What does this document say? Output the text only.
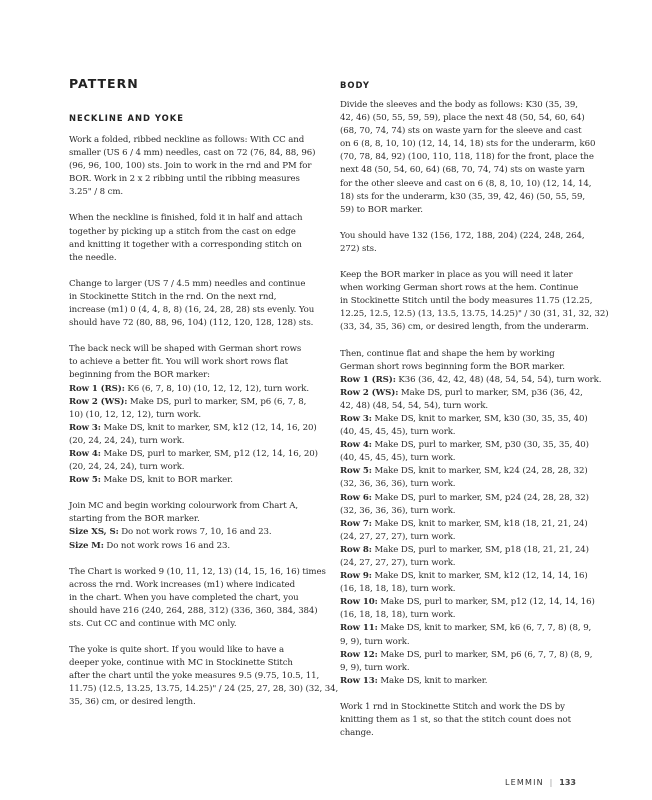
PATTERN
NECKLINE AND YOKE
Work a folded, ribbed neckline as follows: With CC and
smaller (US 6 / 4 mm) needles, cast on 72 (76, 84, 88, 96)
(96, 96, 100, 100) sts. Join to work in the rnd and PM for
BOR. Work in 2 x 2 ribbing until the ribbing measures
3.25" / 8 cm.
When the neckline is finished, fold it in half and attach
together by picking up a stitch from the cast on edge
and knitting it together with a corresponding stitch on
the needle.
Change to larger (US 7 / 4.5 mm) needles and continue
in Stockinette Stitch in the rnd. On the next rnd,
increase (m1) 0 (4, 4, 8, 8) (16, 24, 28, 28) sts evenly. You
should have 72 (80, 88, 96, 104) (112, 120, 128, 128) sts.
The back neck will be shaped with German short rows
to achieve a better fit. You will work short rows flat
beginning from the BOR marker:
Row 1 (RS): K6 (6, 7, 8, 10) (10, 12, 12, 12), turn work.
Row 2 (WS): Make DS, purl to marker, SM, p6 (6, 7, 8,
10) (10, 12, 12, 12), turn work.
Row 3: Make DS, knit to marker, SM, k12 (12, 14, 16, 20)
(20, 24, 24, 24), turn work.
Row 4: Make DS, purl to marker, SM, p12 (12, 14, 16, 20)
(20, 24, 24, 24), turn work.
Row 5: Make DS, knit to BOR marker.
Join MC and begin working colourwork from Chart A,
starting from the BOR marker.
Size XS, S: Do not work rows 7, 10, 16 and 23.
Size M: Do not work rows 16 and 23.
The Chart is worked 9 (10, 11, 12, 13) (14, 15, 16, 16) times
across the rnd. Work increases (m1) where indicated
in the chart. When you have completed the chart, you
should have 216 (240, 264, 288, 312) (336, 360, 384, 384)
sts. Cut CC and continue with MC only.
The yoke is quite short. If you would like to have a
deeper yoke, continue with MC in Stockinette Stitch
after the chart until the yoke measures 9.5 (9.75, 10.5, 11,
11.75) (12.5, 13.25, 13.75, 14.25)" / 24 (25, 27, 28, 30) (32, 34,
35, 36) cm, or desired length.
BODY
Divide the sleeves and the body as follows: K30 (35, 39,
42, 46) (50, 55, 59, 59), place the next 48 (50, 54, 60, 64)
(68, 70, 74, 74) sts on waste yarn for the sleeve and cast
on 6 (8, 8, 10, 10) (12, 14, 14, 18) sts for the underarm, k60
(70, 78, 84, 92) (100, 110, 118, 118) for the front, place the
next 48 (50, 54, 60, 64) (68, 70, 74, 74) sts on waste yarn
for the other sleeve and cast on 6 (8, 8, 10, 10) (12, 14, 14,
18) sts for the underarm, k30 (35, 39, 42, 46) (50, 55, 59,
59) to BOR marker.
You should have 132 (156, 172, 188, 204) (224, 248, 264,
272) sts.
Keep the BOR marker in place as you will need it later
when working German short rows at the hem. Continue
in Stockinette Stitch until the body measures 11.75 (12.25,
12.25, 12.5, 12.5) (13, 13.5, 13.75, 14.25)" / 30 (31, 31, 32, 32)
(33, 34, 35, 36) cm, or desired length, from the underarm.
Then, continue flat and shape the hem by working
German short rows beginning form the BOR marker.
Row 1 (RS): K36 (36, 42, 42, 48) (48, 54, 54, 54), turn work.
Row 2 (WS): Make DS, purl to marker, SM, p36 (36, 42,
42, 48) (48, 54, 54, 54), turn work.
Row 3: Make DS, knit to marker, SM, k30 (30, 35, 35, 40)
(40, 45, 45, 45), turn work.
Row 4: Make DS, purl to marker, SM, p30 (30, 35, 35, 40)
(40, 45, 45, 45), turn work.
Row 5: Make DS, knit to marker, SM, k24 (24, 28, 28, 32)
(32, 36, 36, 36), turn work.
Row 6: Make DS, purl to marker, SM, p24 (24, 28, 28, 32)
(32, 36, 36, 36), turn work.
Row 7: Make DS, knit to marker, SM, k18 (18, 21, 21, 24)
(24, 27, 27, 27), turn work.
Row 8: Make DS, purl to marker, SM, p18 (18, 21, 21, 24)
(24, 27, 27, 27), turn work.
Row 9: Make DS, knit to marker, SM, k12 (12, 14, 14, 16)
(16, 18, 18, 18), turn work.
Row 10: Make DS, purl to marker, SM, p12 (12, 14, 14, 16)
(16, 18, 18, 18), turn work.
Row 11: Make DS, knit to marker, SM, k6 (6, 7, 7, 8) (8, 9,
9, 9), turn work.
Row 12: Make DS, purl to marker, SM, p6 (6, 7, 7, 8) (8, 9,
9, 9), turn work.
Row 13: Make DS, knit to marker.
Work 1 rnd in Stockinette Stitch and work the DS by
knitting them as 1 st, so that the stitch count does not
change.
LEMMIN | 133
